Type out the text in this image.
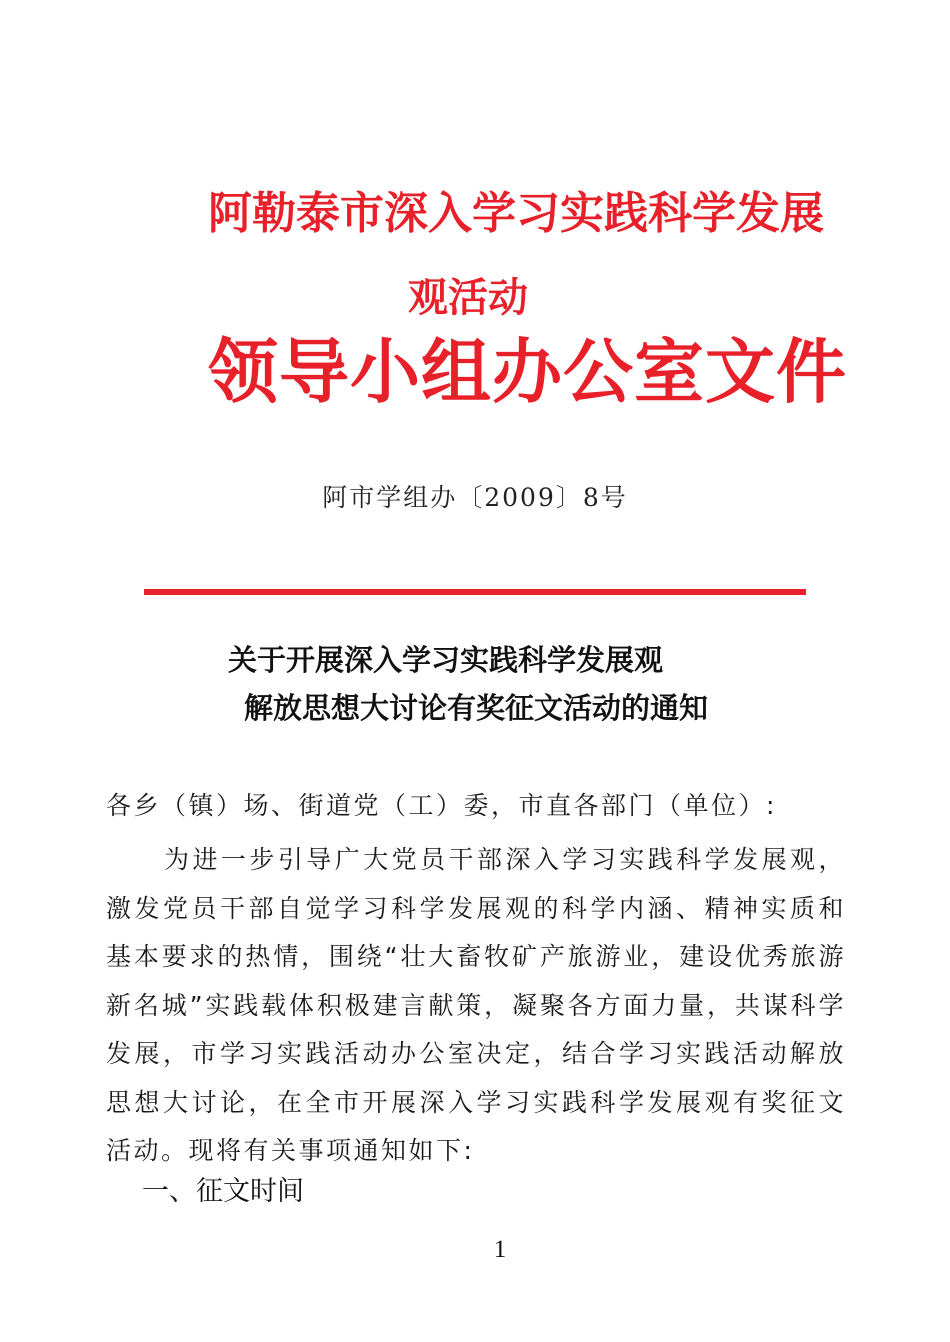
阿勒泰市深入学习实践科学发展
观活动
领导小组办公室文件
阿市学组办〔2009〕8号
关于开展深入学习实践科学发展观
解放思想大讨论有奖征文活动的通知
各乡（镇）场、街道党（工）委，市直各部门（单位）:
为进一步引导广大党员干部深入学习实践科学发展观，激发党员干部自觉学习科学发展观的科学内涵、精神实质和基本要求的热情，围绕“壮大畜牧矿产旅游业，建设优秀旅游新名城”实践载体积极建言献策，凝聚各方面力量，共谋科学发展，市学习实践活动办公室决定，结合学习实践活动解放思想大讨论，在全市开展深入学习实践科学发展观有奖征文活动。现将有关事项通知如下:
一、征文时间
1
